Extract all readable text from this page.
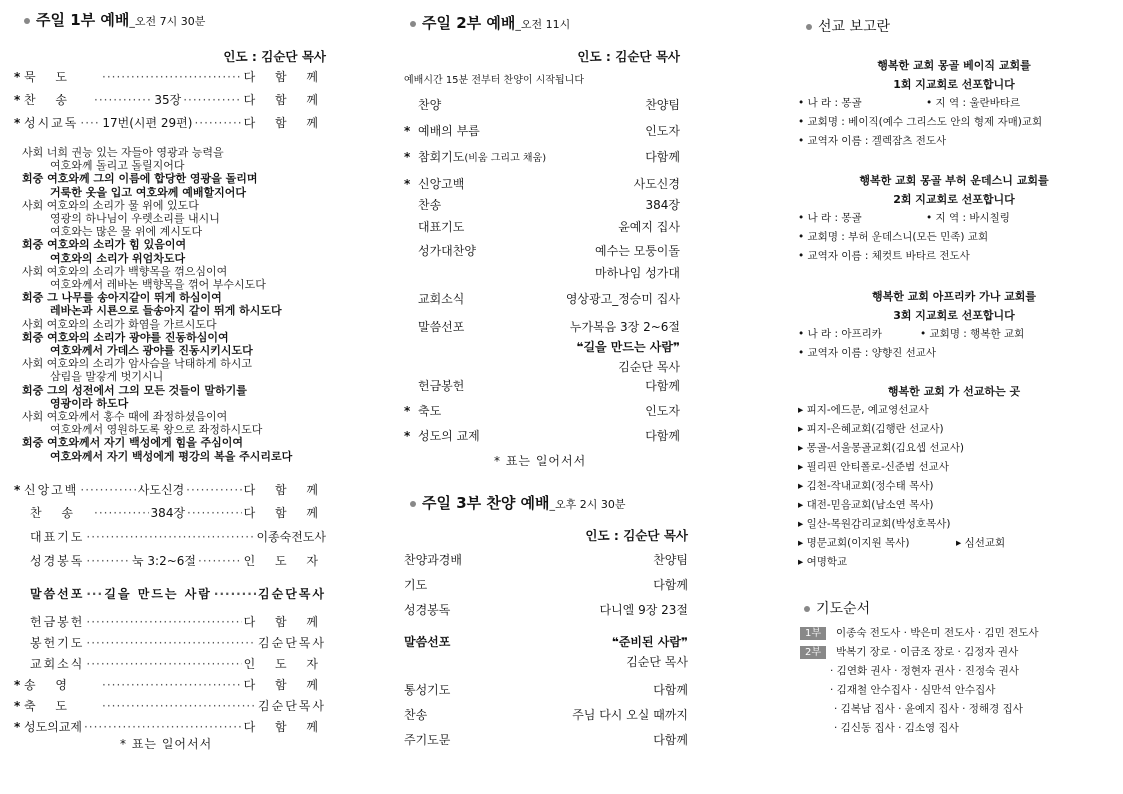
주일 1부 예배_오전 7시 30분
인도 : 김순단 목사
* 묵 도 ·····	다 함 께
* 찬 송 ·····	35장 ·····	다 함 께
* 성시교독 ····· 17번(시편 29편) ·····	다 함 께
사회 너희 권능 있는 자들아 영광과 능력을
여호와께 돌리고 돌릴지어다
회중 여호와께 그의 이름에 합당한 영광을 돌리며
거룩한 옷을 입고 여호와께 예배할지어다
사회 여호와의 소리가 물 위에 있도다
영광의 하나님이 우렛소리를 내시니
여호와는 많은 물 위에 계시도다
회중 여호와의 소리가 힘 있음이여
여호와의 소리가 위엄차도다
사회 여호와의 소리가 백향목을 꺾으심이여
여호와께서 레바논 백향목을 꺾어 부수시도다
회중 그 나무를 송아지같이 뛰게 하심이여
레바논과 시룐으로 들송아지 같이 뛰게 하시도다
사회 여호와의 소리가 화염을 가르시도다
회중 여호와의 소리가 광야를 진동하심이여
여호와께서 가데스 광야를 진동시키시도다
사회 여호와의 소리가 암사슴을 낙태하게 하시고
삼림을 말갛게 벗기시니
회중 그의 성전에서 그의 모든 것들이 말하기를
영광이라 하도다
사회 여호와께서 홍수 때에 좌정하셨음이여
여호와께서 영원하도록 왕으로 좌정하시도다
회중 여호와께서 자기 백성에게 힘을 주심이여
여호와께서 자기 백성에게 평강의 복을 주시리로다
* 신앙고백 ·····	사도신경 ·····	다 함 께
찬 송 ·····	384장 ·····	다 함 께
대표기도 ·····	이종숙전도사
성경봉독 ·····	눅 3:2~6절 ·····	인 도 자
말씀선포 ····· 길을 만드는 사람 ·····	김순단목사
헌금봉헌 ·····	다 함 께
봉헌기도 ·····	김순단목사
교회소식 ·····	인 도 자
* 송 영 ·····	다 함 께
* 축 도 ·····	김순단목사
* 성도의교제 ·····	다 함 께
* 표는 일어서서
주일 2부 예배_오전 11시
인도 : 김순단 목사
예배시간 15분 전부터 찬양이 시작됩니다
찬양	찬양팀
* 예배의 부름	인도자
* 참회기도(비움 그리고 채움)	다함께
* 신앙고백	사도신경
찬송	384장
대표기도	윤예지 집사
성가대찬양	예수는 모퉁이돌
마하나임 성가대
교회소식	영상광고_정승미 집사
말씀선포	누가복음 3장 2~6절
❝길을 만드는 사람❞
김순단 목사
헌금봉헌	다함께
* 축도	인도자
* 성도의 교제	다함께
* 표는 일어서서
주일 3부 찬양 예배_오후 2시 30분
인도 : 김순단 목사
찬양과경배	찬양팀
기도	다함께
성경봉독	다니엘 9장 23절
말씀선포	❝준비된 사람❞
김순단 목사
통성기도	다함께
찬송	주님 다시 오실 때까지
주기도문	다함께
선교 보고란
행복한 교회 몽골 베이직 교회를
1회 지교회로 선포합니다
• 나 라 : 몽골	• 지 역 : 울란바타르
• 교회명 : 베이직(예수 그리스도 안의 형제 자매)교회
• 교역자 이름 : 겔렉잠츠 전도사
행복한 교회 몽골 부허 운데스니 교회를
2회 지교회로 선포합니다
• 나 라 : 몽골	• 지 역 : 바시칠링
• 교회명 : 부허 운데스니(모든 민족) 교회
• 교역자 이름 : 체컷트 바타르 전도사
행복한 교회 아프리카 가나 교회를
3회 지교회로 선포합니다
• 나 라 : 아프리카	• 교회명 : 행복한 교회
• 교역자 이름 : 양향진 선교사
행복한 교회 가 선교하는 곳
▸ 피지-에드문, 예교영선교사
▸ 피지-은혜교회(김행란 선교사)
▸ 몽골-서울몽골교회(김요셉 선교사)
▸ 필리핀 안티폴로-신준범 선교사
▸ 김천-작내교회(정수태 목사)
▸ 대전-믿음교회(남소연 목사)
▸ 일산-목원감리교회(박성호목사)
▸ 명문교회(이지원 목사)	▸ 심선교회
▸ 여명학교
기도순서
1부 이종숙 전도사 · 박은미 전도사 · 김민 전도사
2부 박복기 장로 · 이금조 장로 · 김정자 권사
· 김연화 권사 · 정현자 권사 · 진정숙 권사
· 김재철 안수집사 · 심만석 안수집사
· 김복남 집사 · 윤예지 집사 · 정해경 집사
· 김신동 집사 · 김소영 집사
